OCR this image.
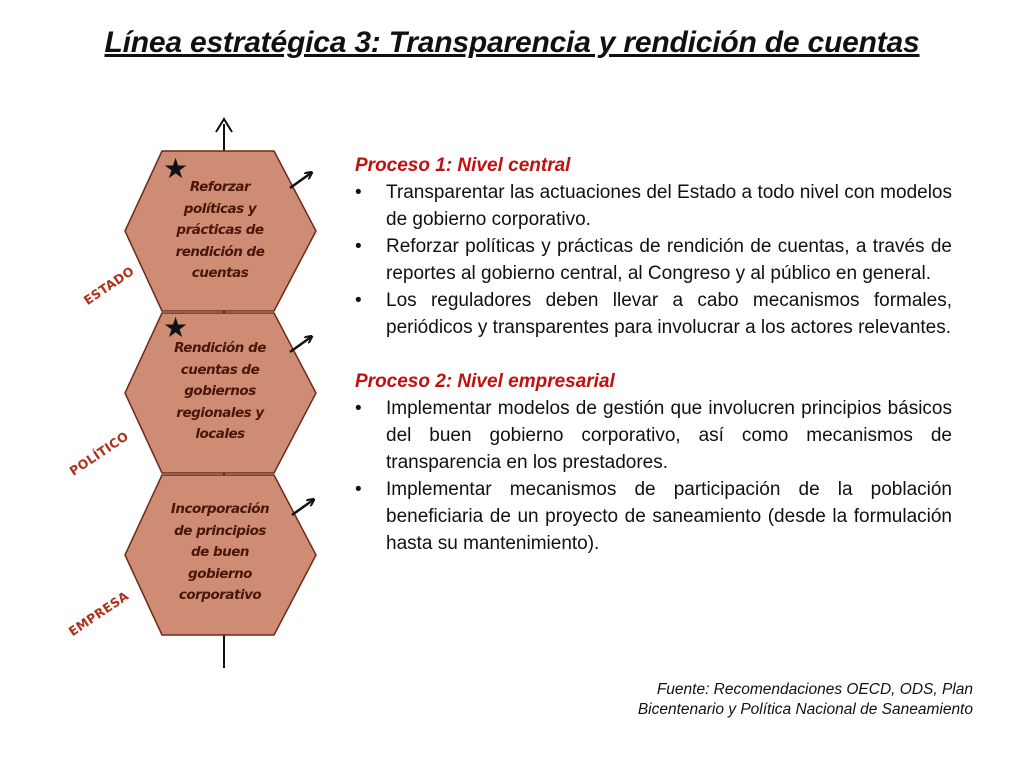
Línea estratégica 3: Transparencia y rendición de cuentas
★
★
Reforzar
políticas y
prácticas de
rendición de
cuentas
Rendición de
cuentas de
gobiernos
regionales y
locales
Incorporación
de principios
de buen
gobierno
corporativo
ESTADO
POLÍTICO
EMPRESA
Proceso 1: Nivel central
• Transparentar las actuaciones del Estado a todo nivel con modelos de gobierno corporativo.
• Reforzar políticas y prácticas de rendición de cuentas, a través de reportes al gobierno central, al Congreso y al público en general.
• Los reguladores deben llevar a cabo mecanismos formales, periódicos y transparentes para involucrar a los actores relevantes.
Proceso 2: Nivel empresarial
• Implementar modelos de gestión que involucren principios básicos del buen gobierno corporativo, así como mecanismos de transparencia en los prestadores.
• Implementar mecanismos de participación de la población beneficiaria de un proyecto de saneamiento (desde la formulación hasta su mantenimiento).
Fuente: Recomendaciones OECD, ODS, Plan
Bicentenario y Política Nacional de Saneamiento
